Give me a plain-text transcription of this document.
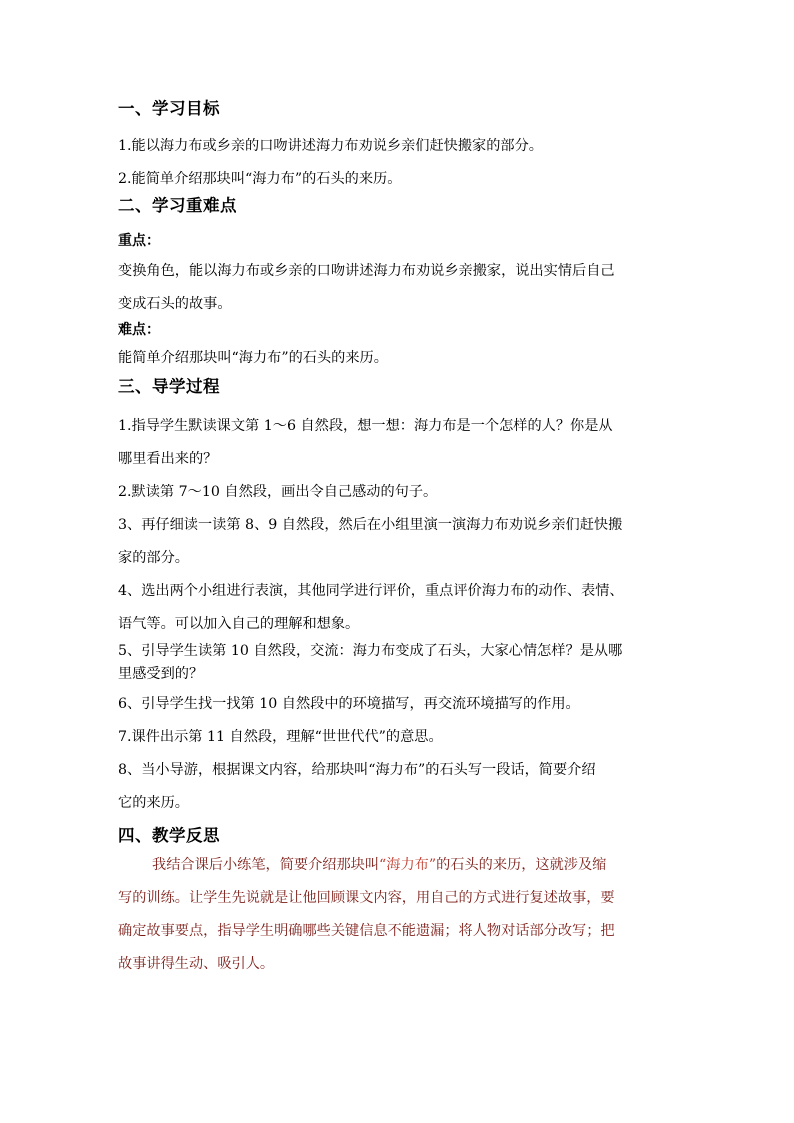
一、学习目标
1.能以海力布或乡亲的口吻讲述海力布劝说乡亲们赶快搬家的部分。
2.能简单介绍那块叫“海力布”的石头的来历。
二、学习重难点
重点：
变换角色，能以海力布或乡亲的口吻讲述海力布劝说乡亲搬家，说出实情后自己
变成石头的故事。
难点：
能简单介绍那块叫“海力布”的石头的来历。
三、导学过程
1.指导学生默读课文第 1～6 自然段，想一想：海力布是一个怎样的人？你是从
哪里看出来的？
2.默读第 7～10 自然段，画出令自己感动的句子。
3、再仔细读一读第 8、9 自然段，然后在小组里演一演海力布劝说乡亲们赶快搬
家的部分。
4、选出两个小组进行表演，其他同学进行评价，重点评价海力布的动作、表情、
语气等。可以加入自己的理解和想象。
5、引导学生读第 10 自然段，交流：海力布变成了石头，大家心情怎样？是从哪
里感受到的？
6、引导学生找一找第 10 自然段中的环境描写，再交流环境描写的作用。
7.课件出示第 11 自然段，理解“世世代代”的意思。
8、当小导游，根据课文内容，给那块叫“海力布”的石头写一段话，简要介绍
它的来历。
四、教学反思
我结合课后小练笔，简要介绍那块叫“海力布”的石头的来历，这就涉及缩
写的训练。让学生先说就是让他回顾课文内容，用自己的方式进行复述故事，要
确定故事要点，指导学生明确哪些关键信息不能遗漏；将人物对话部分改写；把
故事讲得生动、吸引人。
